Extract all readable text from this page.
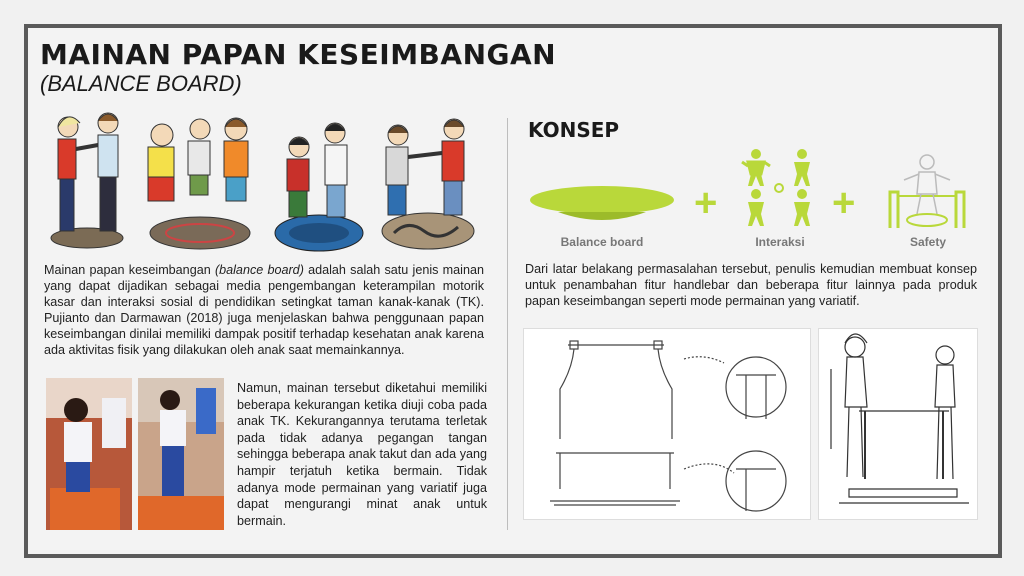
MAINAN PAPAN KESEIMBANGAN
(BALANCE BOARD)

Mainan papan keseimbangan (balance board) adalah salah satu jenis mainan yang dapat dijadikan sebagai media pengembangan keterampilan motorik kasar dan interaksi sosial di pendidikan setingkat taman kanak-kanak (TK). Pujianto dan Darmawan (2018) juga menjelaskan bahwa penggunaan papan keseimbangan dinilai memiliki dampak positif terhadap kesehatan anak karena ada aktivitas fisik yang dilakukan oleh anak saat memainkannya.

Namun, mainan tersebut diketahui memiliki beberapa kekurangan ketika diuji coba pada anak TK. Kekurangannya terutama terletak pada tidak adanya pegangan tangan sehingga beberapa anak takut dan ada yang hampir terjatuh ketika bermain. Tidak adanya mode permainan yang variatif juga dapat mengurangi minat anak untuk bermain.

KONSEP
+	+
Balance board	Interaksi	Safety

Dari latar belakang permasalahan tersebut, penulis kemudian membuat konsep untuk penambahan fitur handlebar dan beberapa fitur lainnya pada produk papan keseimbangan seperti mode permainan yang variatif.
